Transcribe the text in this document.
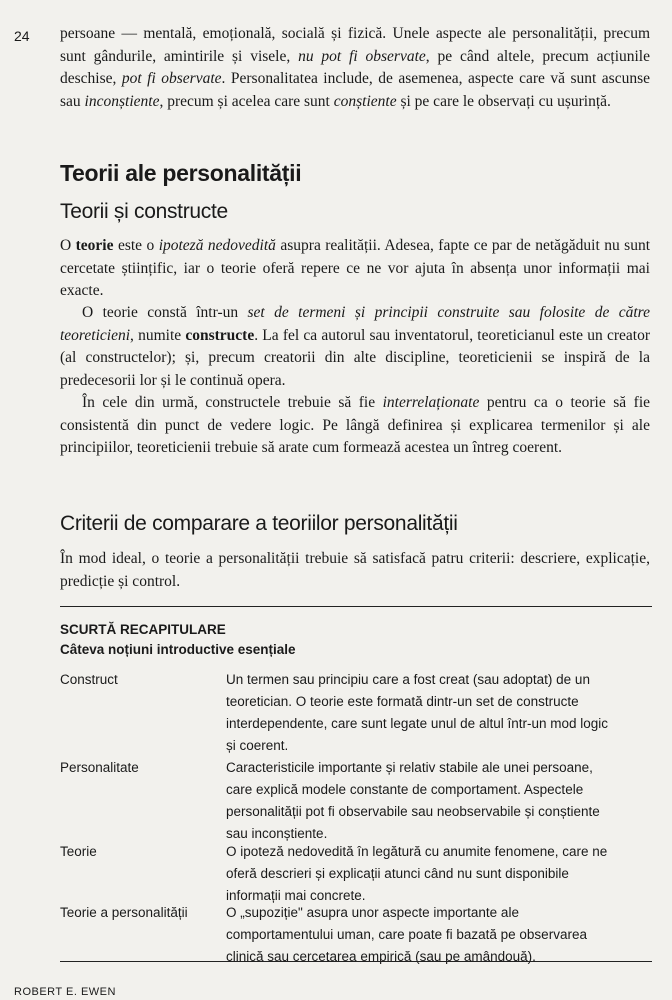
24 persoane — mentală, emoțională, socială și fizică. Unele aspecte ale personalității, precum sunt gândurile, amintirile și visele, nu pot fi observate, pe când altele, precum acțiunile deschise, pot fi observate. Personalitatea include, de asemenea, aspecte care vă sunt ascunse sau inconștiente, precum și acelea care sunt conștiente și pe care le observați cu ușurință.

Teorii ale personalității
Teorii și constructe

O teorie este o ipoteză nedovedită asupra realității. Adesea, fapte ce par de netăgăduit nu sunt cercetate științific, iar o teorie oferă repere ce ne vor ajuta în absența unor informații mai exacte.

O teorie constă într-un set de termeni și principii construite sau folosite de către teoreticieni, numite constructe. La fel ca autorul sau inventatorul, teoreticianul este un creator (al constructelor); și, precum creatorii din alte discipline, teoreticienii se inspiră de la predecesorii lor și le continuă opera.

În cele din urmă, constructele trebuie să fie interrelaționate pentru ca o teorie să fie consistentă din punct de vedere logic. Pe lângă definirea și explicarea termenilor și ale principiilor, teoreticienii trebuie să arate cum formează acestea un întreg coerent.

Criterii de comparare a teoriilor personalității

În mod ideal, o teorie a personalității trebuie să satisfacă patru criterii: descriere, explicație, predicție și control.

SCURTĂ RECAPITULARE
Câteva noțiuni introductive esențiale
Construct	Un termen sau principiu care a fost creat (sau adoptat) de un
teoretician. O teorie este formată dintr-un set de constructe
interdependente, care sunt legate unul de altul într-un mod logic
și coerent.
Personalitate	Caracteristicile importante și relativ stabile ale unei persoane,
care explică modele constante de comportament. Aspectele
personalității pot fi observabile sau neobservabile și conștiente
sau inconștiente.
Teorie	O ipoteză nedovedită în legătură cu anumite fenomene, care ne
oferă descrieri și explicații atunci când nu sunt disponibile
informații mai concrete.
Teorie a personalității	O „supoziție" asupra unor aspecte importante ale
comportamentului uman, care poate fi bazată pe observarea
clinică sau cercetarea empirică (sau pe amândouă).
ROBERT E. EWEN
